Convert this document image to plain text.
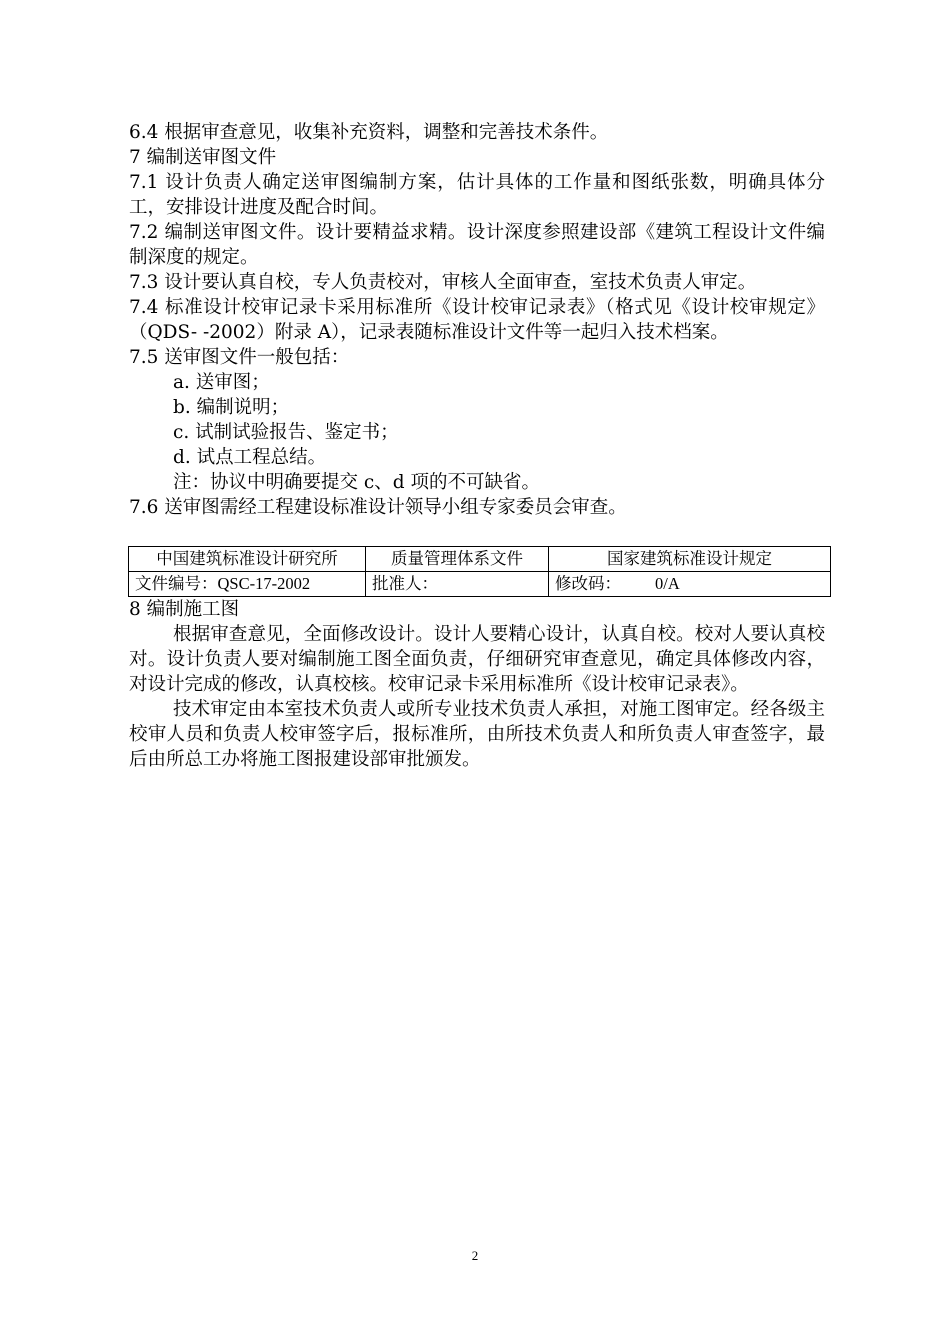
6.4 根据审查意见，收集补充资料，调整和完善技术条件。

7 编制送审图文件

7.1 设计负责人确定送审图编制方案，估计具体的工作量和图纸张数，明确具体分工，安排设计进度及配合时间。

7.2 编制送审图文件。设计要精益求精。设计深度参照建设部《建筑工程设计文件编制深度的规定。

7.3 设计要认真自校，专人负责校对，审核人全面审查，室技术负责人审定。

7.4 标准设计校审记录卡采用标准所《设计校审记录表》（格式见《设计校审规定》（QDS- -2002）附录 A），记录表随标准设计文件等一起归入技术档案。

7.5 送审图文件一般包括：

a. 送审图；

b. 编制说明；

c. 试制试验报告、鉴定书；

d. 试点工程总结。

注：协议中明确要提交 c、d 项的不可缺省。

7.6 送审图需经工程建设标准设计领导小组专家委员会审查。

中国建筑标准设计研究所	质量管理体系文件	国家建筑标准设计规定
文件编号：QSC-17-2002	批准人：	修改码： 0/A

8 编制施工图

根据审查意见，全面修改设计。设计人要精心设计，认真自校。校对人要认真校对。设计负责人要对编制施工图全面负责，仔细研究审查意见，确定具体修改内容，对设计完成的修改，认真校核。校审记录卡采用标准所《设计校审记录表》。

技术审定由本室技术负责人或所专业技术负责人承担，对施工图审定。经各级主校审人员和负责人校审签字后，报标准所，由所技术负责人和所负责人审查签字，最后由所总工办将施工图报建设部审批颁发。

2
